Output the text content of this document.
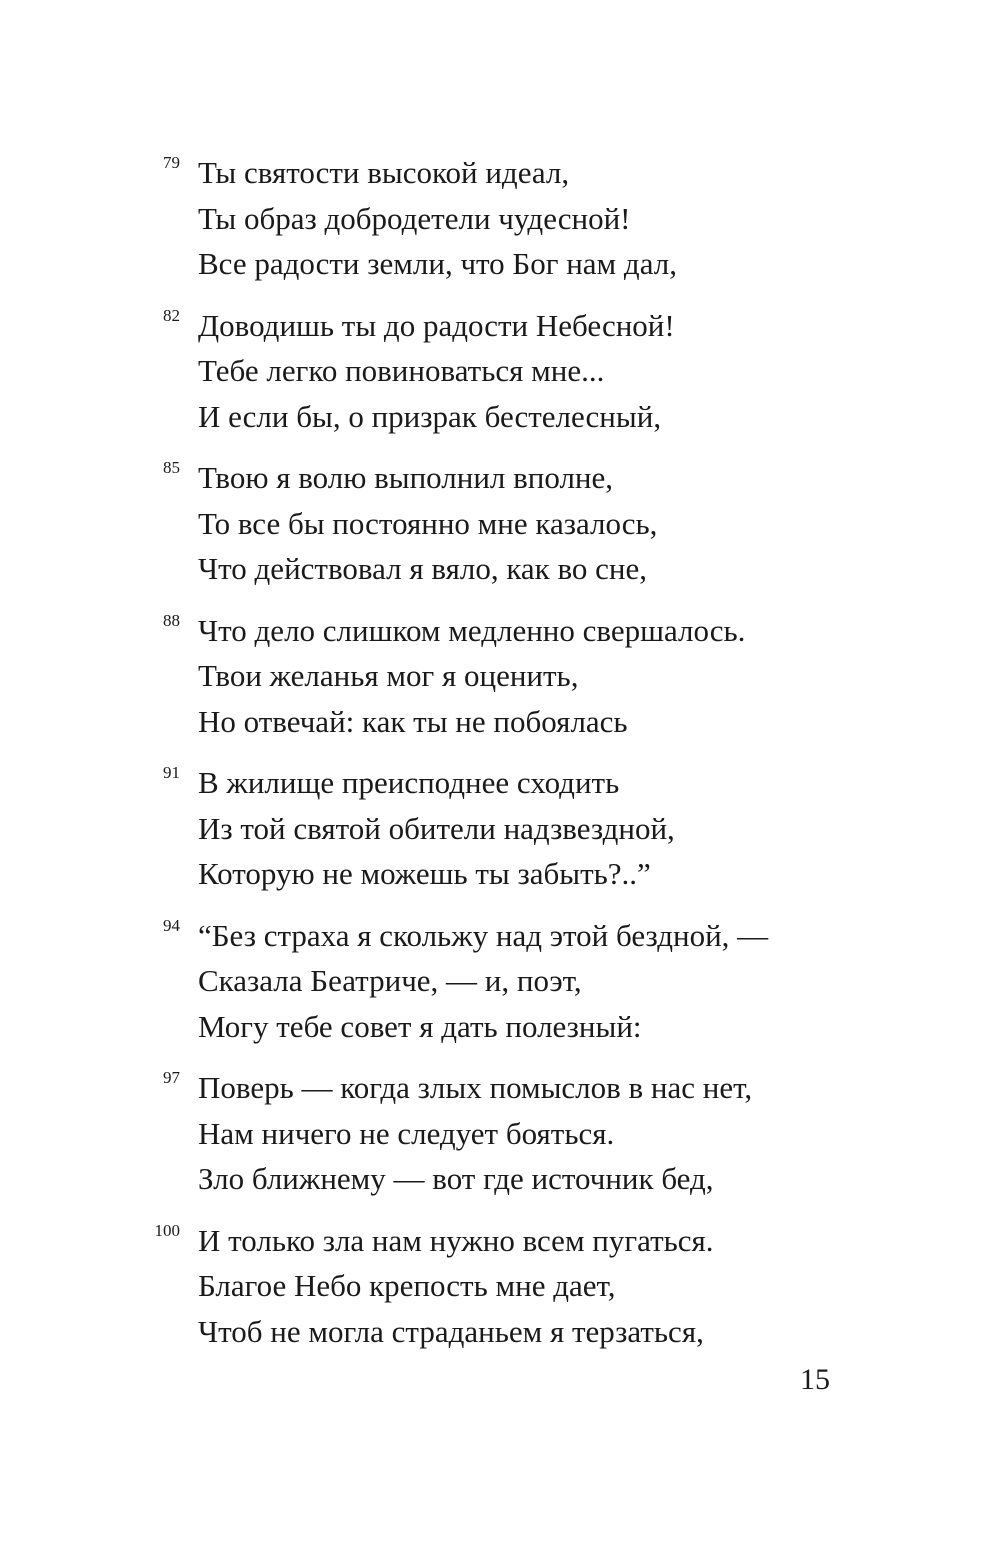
79 Ты святости высокой идеал,
Ты образ добродетели чудесной!
Все радости земли, что Бог нам дал,
82 Доводишь ты до радости Небесной!
Тебе легко повиноваться мне...
И если бы, о призрак бестелесный,
85 Твою я волю выполнил вполне,
То все бы постоянно мне казалось,
Что действовал я вяло, как во сне,
88 Что дело слишком медленно свершалось.
Твои желанья мог я оценить,
Но отвечай: как ты не побоялась
91 В жилище преисподнее сходить
Из той святой обители надзвездной,
Которую не можешь ты забыть?..”
94 “Без страха я скольжу над этой бездной, —
Сказала Беатриче, — и, поэт,
Могу тебе совет я дать полезный:
97 Поверь — когда злых помыслов в нас нет,
Нам ничего не следует бояться.
Зло ближнему — вот где источник бед,
100 И только зла нам нужно всем пугаться.
Благое Небо крепость мне дает,
Чтоб не могла страданьем я терзаться,
15
